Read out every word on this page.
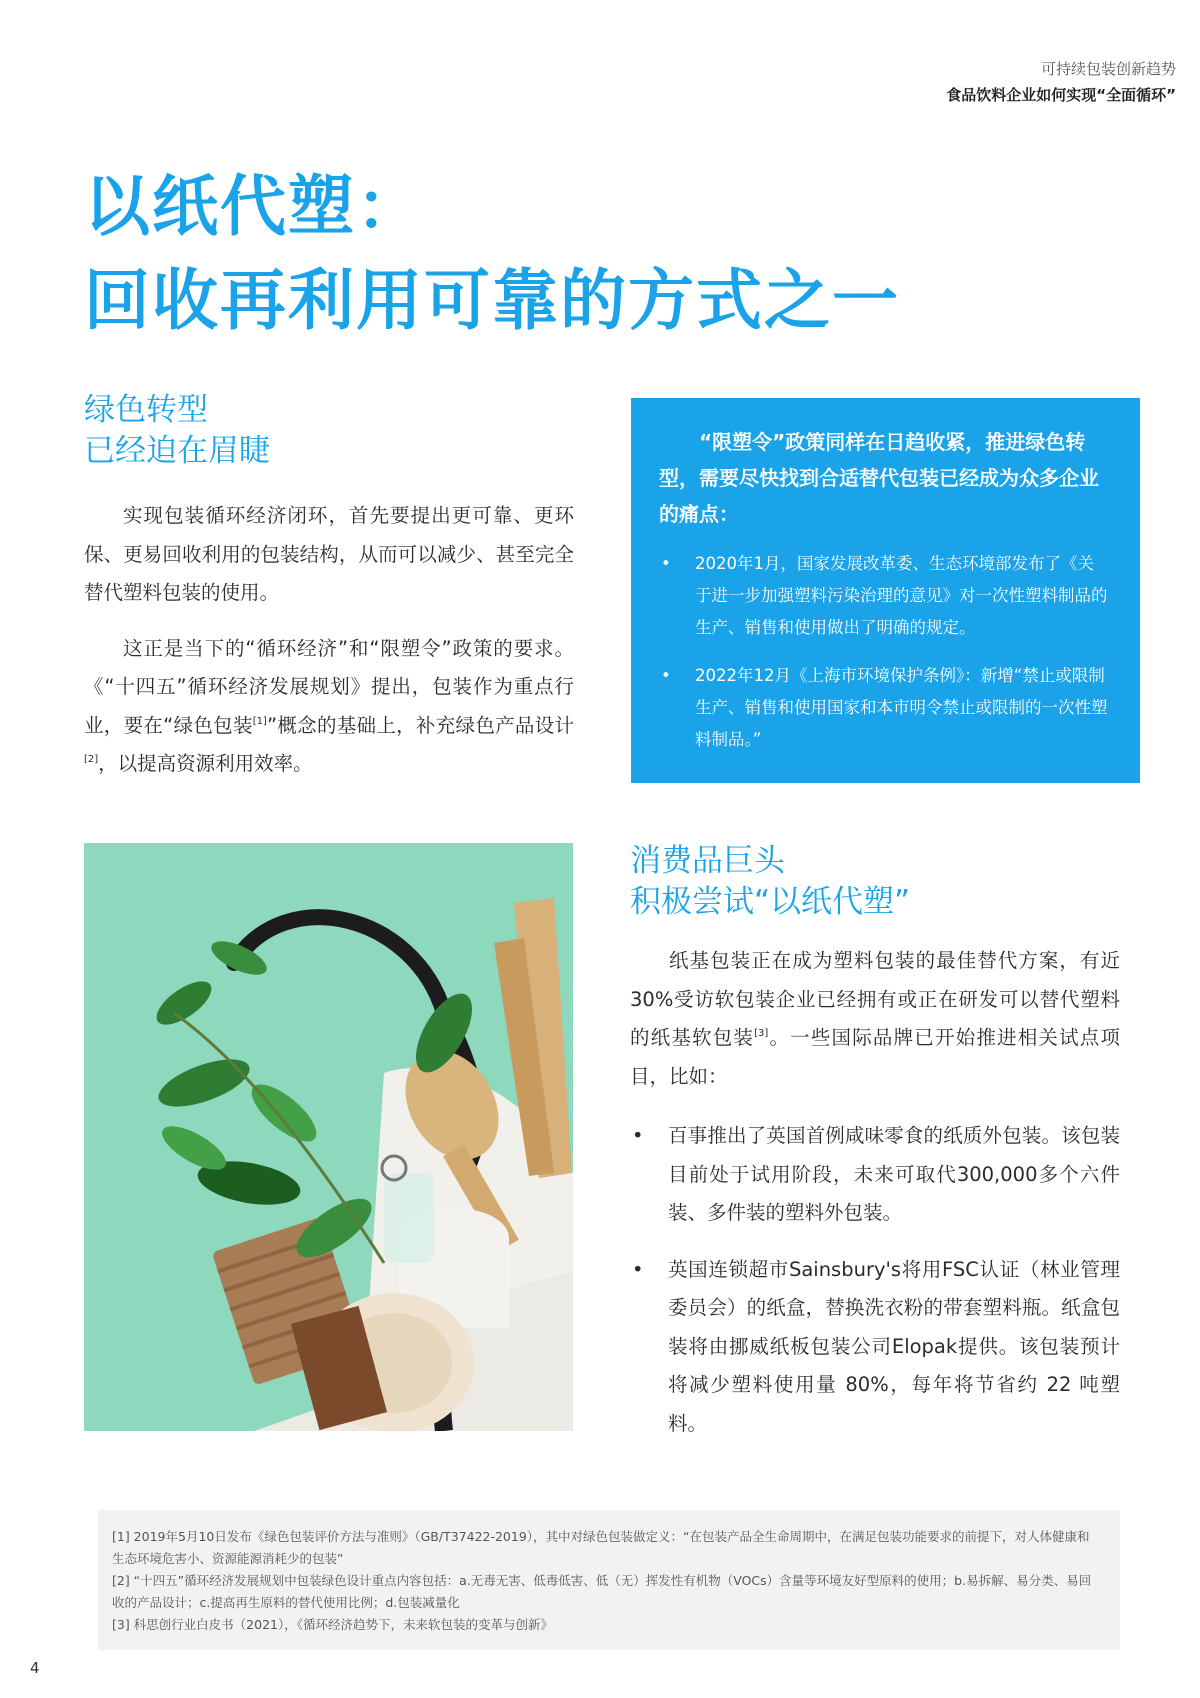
可持续包装创新趋势
食品饮料企业如何实现“全面循环”
以纸代塑：
回收再利用可靠的方式之一
绿色转型
已经迫在眉睫

实现包装循环经济闭环，首先要提出更可靠、更环保、更易回收利用的包装结构，从而可以减少、甚至完全替代塑料包装的使用。

这正是当下的“循环经济”和“限塑令”政策的要求。《“十四五”循环经济发展规划》提出，包装作为重点行业，要在“绿色包装[1]”概念的基础上，补充绿色产品设计[2]，以提高资源利用效率。

“限塑令”政策同样在日趋收紧，推进绿色转型，需要尽快找到合适替代包装已经成为众多企业的痛点：

• 2020年1月，国家发展改革委、生态环境部发布了《关于进一步加强塑料污染治理的意见》对一次性塑料制品的生产、销售和使用做出了明确的规定。
• 2022年12月《上海市环境保护条例》：新增“禁止或限制生产、销售和使用国家和本市明令禁止或限制的一次性塑料制品。”
消费品巨头
积极尝试“以纸代塑”

纸基包装正在成为塑料包装的最佳替代方案，有近30%受访软包装企业已经拥有或正在研发可以替代塑料的纸基软包装[3]。一些国际品牌已开始推进相关试点项目，比如：

• 百事推出了英国首例咸味零食的纸质外包装。该包装目前处于试用阶段，未来可取代300,000多个六件装、多件装的塑料外包装。
• 英国连锁超市Sainsbury's将用FSC认证（林业管理委员会）的纸盒，替换洗衣粉的带套塑料瓶。纸盒包装将由挪威纸板包装公司Elopak提供。该包装预计将减少塑料使用量 80%，每年将节省约 22 吨塑料。
[1] 2019年5月10日发布《绿色包装评价方法与准则》（GB/T37422-2019），其中对绿色包装做定义：“在包装产品全生命周期中，在满足包装功能要求的前提下，对人体健康和生态环境危害小、资源能源消耗少的包装”
[2] “十四五”循环经济发展规划中包装绿色设计重点内容包括：a.无毒无害、低毒低害、低（无）挥发性有机物（VOCs）含量等环境友好型原料的使用；b.易拆解、易分类、易回收的产品设计；c.提高再生原料的替代使用比例；d.包装减量化
[3] 科思创行业白皮书（2021），《循环经济趋势下，未来软包装的变革与创新》
4
